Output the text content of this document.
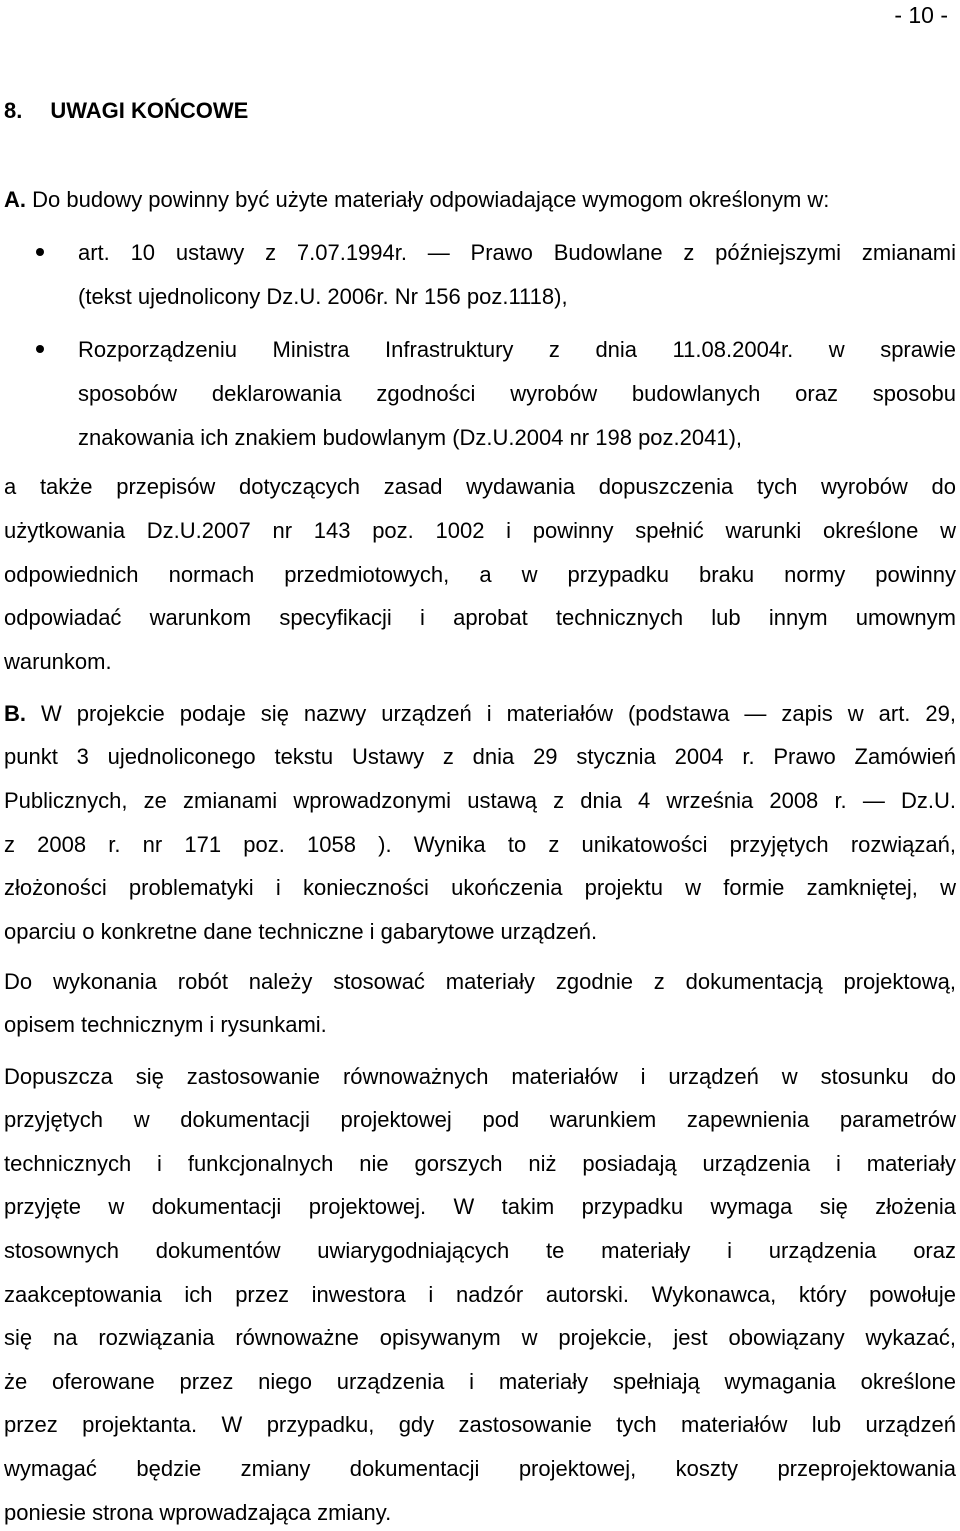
- 10 -
8. UWAGI KOŃCOWE
A. Do budowy powinny być użyte materiały odpowiadające wymogom określonym w:
art. 10 ustawy z 7.07.1994r. — Prawo Budowlane z późniejszymi zmianami
(tekst ujednolicony Dz.U. 2006r. Nr 156 poz.1118),
Rozporządzeniu Ministra Infrastruktury z dnia 11.08.2004r. w sprawie
sposobów deklarowania zgodności wyrobów budowlanych oraz sposobu
znakowania ich znakiem budowlanym (Dz.U.2004 nr 198 poz.2041),
a także przepisów dotyczących zasad wydawania dopuszczenia tych wyrobów do
użytkowania Dz.U.2007 nr 143 poz. 1002 i powinny spełnić warunki określone w
odpowiednich normach przedmiotowych, a w przypadku braku normy powinny
odpowiadać warunkom specyfikacji i aprobat technicznych lub innym umownym
warunkom.
B. W projekcie podaje się nazwy urządzeń i materiałów (podstawa — zapis w art. 29,
punkt 3 ujednoliconego tekstu Ustawy z dnia 29 stycznia 2004 r. Prawo Zamówień
Publicznych, ze zmianami wprowadzonymi ustawą z dnia 4 września 2008 r. — Dz.U.
z 2008 r. nr 171 poz. 1058 ). Wynika to z unikatowości przyjętych rozwiązań,
złożoności problematyki i konieczności ukończenia projektu w formie zamkniętej, w
oparciu o konkretne dane techniczne i gabarytowe urządzeń.
Do wykonania robót należy stosować materiały zgodnie z dokumentacją projektową,
opisem technicznym i rysunkami.
Dopuszcza się zastosowanie równoważnych materiałów i urządzeń w stosunku do
przyjętych w dokumentacji projektowej pod warunkiem zapewnienia parametrów
technicznych i funkcjonalnych nie gorszych niż posiadają urządzenia i materiały
przyjęte w dokumentacji projektowej. W takim przypadku wymaga się złożenia
stosownych dokumentów uwiarygodniających te materiały i urządzenia oraz
zaakceptowania ich przez inwestora i nadzór autorski. Wykonawca, który powołuje
się na rozwiązania równoważne opisywanym w projekcie, jest obowiązany wykazać,
że oferowane przez niego urządzenia i materiały spełniają wymagania określone
przez projektanta. W przypadku, gdy zastosowanie tych materiałów lub urządzeń
wymagać będzie zmiany dokumentacji projektowej, koszty przeprojektowania
poniesie strona wprowadzająca zmiany.
